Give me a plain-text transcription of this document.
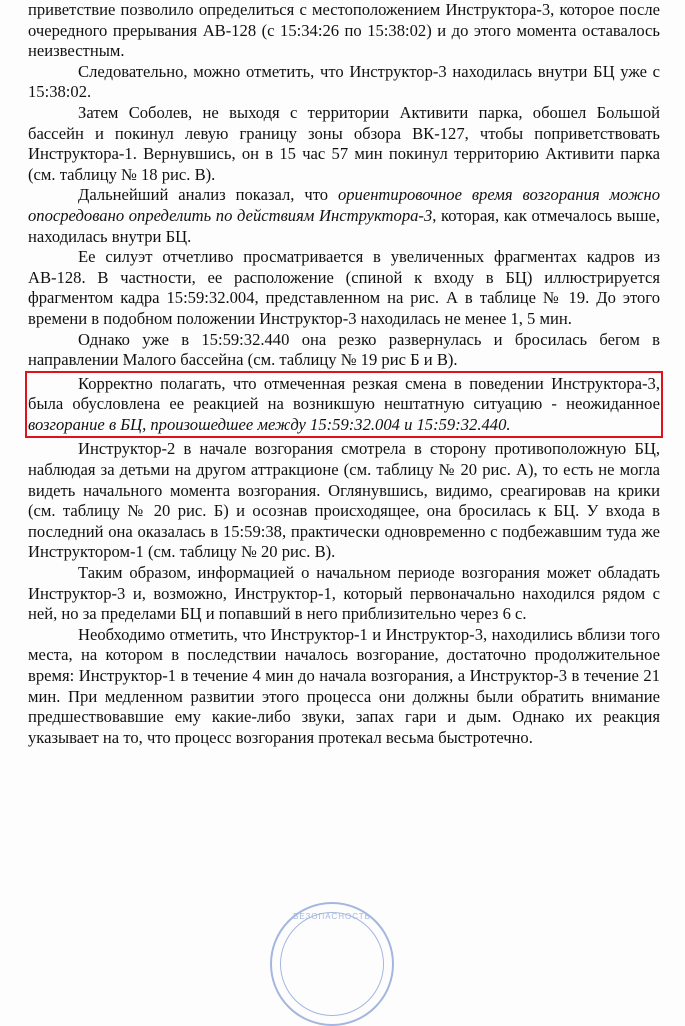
приветствие позволило определиться с местоположением Инструктора-3, которое после очередного прерывания АВ-128 (с 15:34:26 по 15:38:02) и до этого момента оставалось неизвестным.

Следовательно, можно отметить, что Инструктор-3 находилась внутри БЦ уже с 15:38:02.

Затем Соболев, не выходя с территории Активити парка, обошел Большой бассейн и покинул левую границу зоны обзора ВК-127, чтобы поприветствовать Инструктора-1. Вернувшись, он в 15 час 57 мин покинул территорию Активити парка (см. таблицу № 18 рис. В).

Дальнейший анализ показал, что ориентировочное время возгорания можно опосредовано определить по действиям Инструктора-3, которая, как отмечалось выше, находилась внутри БЦ.

Ее силуэт отчетливо просматривается в увеличенных фрагментах кадров из АВ-128. В частности, ее расположение (спиной к входу в БЦ) иллюстрируется фрагментом кадра 15:59:32.004, представленном на рис. А в таблице № 19. До этого времени в подобном положении Инструктор-3 находилась не менее 1, 5 мин.

Однако уже в 15:59:32.440 она резко развернулась и бросилась бегом в направлении Малого бассейна (см. таблицу № 19 рис Б и В).

Корректно полагать, что отмеченная резкая смена в поведении Инструктора-3, была обусловлена ее реакцией на возникшую нештатную ситуацию - неожиданное возгорание в БЦ, произошедшее между 15:59:32.004 и 15:59:32.440.

Инструктор-2 в начале возгорания смотрела в сторону противоположную БЦ, наблюдая за детьми на другом аттракционе (см. таблицу № 20 рис. А), то есть не могла видеть начального момента возгорания. Оглянувшись, видимо, среагировав на крики (см. таблицу № 20 рис. Б) и осознав происходящее, она бросилась к БЦ. У входа в последний она оказалась в 15:59:38, практически одновременно с подбежавшим туда же Инструктором-1 (см. таблицу № 20 рис. В).

Таким образом, информацией о начальном периоде возгорания может обладать Инструктор-3 и, возможно, Инструктор-1, который первоначально находился рядом с ней, но за пределами БЦ и попавший в него приблизительно через 6 с.

Необходимо отметить, что Инструктор-1 и Инструктор-3, находились вблизи того места, на котором в последствии началось возгорание, достаточно продолжительное время: Инструктор-1 в течение 4 мин до начала возгорания, а Инструктор-3 в течение 21 мин. При медленном развитии этого процесса они должны были обратить внимание предшествовавшие ему какие-либо звуки, запах гари и дым. Однако их реакция указывает на то, что процесс возгорания протекал весьма быстротечно.

БЕЗОПАСНОСТЬ
